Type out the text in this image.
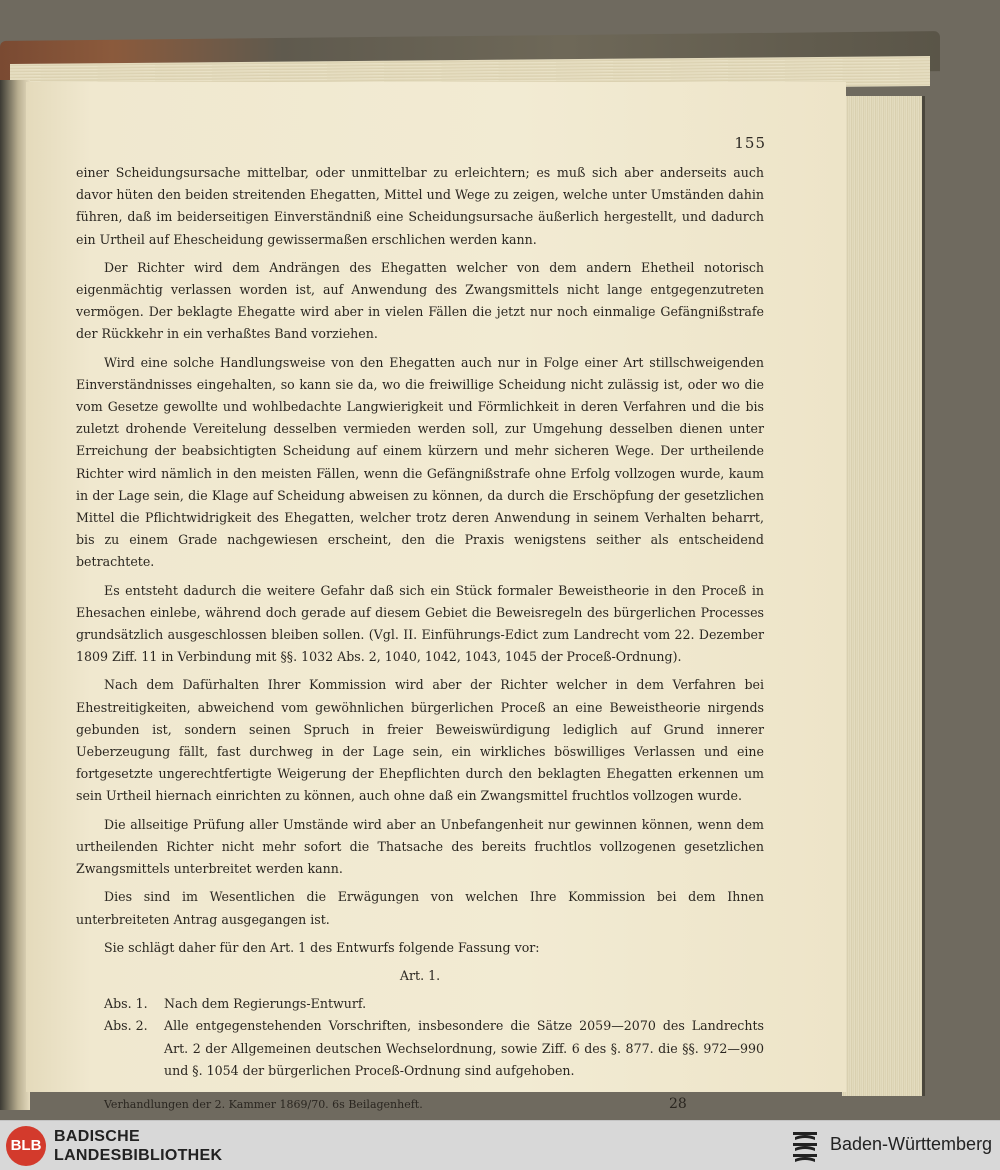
155

einer Scheidungsursache mittelbar, oder unmittelbar zu erleichtern; es muß sich aber anderseits auch davor hüten den beiden streitenden Ehegatten, Mittel und Wege zu zeigen, welche unter Umständen dahin führen, daß im beiderseitigen Einverständniß eine Scheidungsursache äußerlich hergestellt, und dadurch ein Urtheil auf Ehescheidung gewissermaßen erschlichen werden kann.

Der Richter wird dem Andrängen des Ehegatten welcher von dem andern Ehetheil notorisch eigenmächtig verlassen worden ist, auf Anwendung des Zwangsmittels nicht lange entgegenzutreten vermögen. Der beklagte Ehegatte wird aber in vielen Fällen die jetzt nur noch einmalige Gefängnißstrafe der Rückkehr in ein verhaßtes Band vorziehen.

Wird eine solche Handlungsweise von den Ehegatten auch nur in Folge einer Art stillschweigenden Einverständnisses eingehalten, so kann sie da, wo die freiwillige Scheidung nicht zulässig ist, oder wo die vom Gesetze gewollte und wohlbedachte Langwierigkeit und Förmlichkeit in deren Verfahren und die bis zuletzt drohende Vereitelung desselben vermieden werden soll, zur Umgehung desselben dienen unter Erreichung der beabsichtigten Scheidung auf einem kürzern und mehr sicheren Wege. Der urtheilende Richter wird nämlich in den meisten Fällen, wenn die Gefängnißstrafe ohne Erfolg vollzogen wurde, kaum in der Lage sein, die Klage auf Scheidung abweisen zu können, da durch die Erschöpfung der gesetzlichen Mittel die Pflichtwidrigkeit des Ehegatten, welcher trotz deren Anwendung in seinem Verhalten beharrt, bis zu einem Grade nachgewiesen erscheint, den die Praxis wenigstens seither als entscheidend betrachtete.

Es entsteht dadurch die weitere Gefahr daß sich ein Stück formaler Beweistheorie in den Proceß in Ehesachen einlebe, während doch gerade auf diesem Gebiet die Beweisregeln des bürgerlichen Processes grundsätzlich ausgeschlossen bleiben sollen. (Vgl. II. Einführungs-Edict zum Landrecht vom 22. Dezember 1809 Ziff. 11 in Verbindung mit §§. 1032 Abs. 2, 1040, 1042, 1043, 1045 der Proceß-Ordnung).

Nach dem Dafürhalten Ihrer Kommission wird aber der Richter welcher in dem Verfahren bei Ehestreitigkeiten, abweichend vom gewöhnlichen bürgerlichen Proceß an eine Beweistheorie nirgends gebunden ist, sondern seinen Spruch in freier Beweiswürdigung lediglich auf Grund innerer Ueberzeugung fällt, fast durchweg in der Lage sein, ein wirkliches böswilliges Verlassen und eine fortgesetzte ungerechtfertigte Weigerung der Ehepflichten durch den beklagten Ehegatten erkennen um sein Urtheil hiernach einrichten zu können, auch ohne daß ein Zwangsmittel fruchtlos vollzogen wurde.

Die allseitige Prüfung aller Umstände wird aber an Unbefangenheit nur gewinnen können, wenn dem urtheilenden Richter nicht mehr sofort die Thatsache des bereits fruchtlos vollzogenen gesetzlichen Zwangsmittels unterbreitet werden kann.

Dies sind im Wesentlichen die Erwägungen von welchen Ihre Kommission bei dem Ihnen unterbreiteten Antrag ausgegangen ist.

Sie schlägt daher für den Art. 1 des Entwurfs folgende Fassung vor:

Art. 1.

Abs. 1.	Nach dem Regierungs-Entwurf.
Abs. 2.	Alle entgegenstehenden Vorschriften, insbesondere die Sätze 2059—2070 des Landrechts Art. 2 der Allgemeinen deutschen Wechselordnung, sowie Ziff. 6 des §. 877. die §§. 972—990 und §. 1054 der bürgerlichen Proceß-Ordnung sind aufgehoben.
Verhandlungen der 2. Kammer 1869/70. 6s Beilagenheft.	28
BLB
BADISCHE
LANDESBIBLIOTHEK
Baden-Württemberg
